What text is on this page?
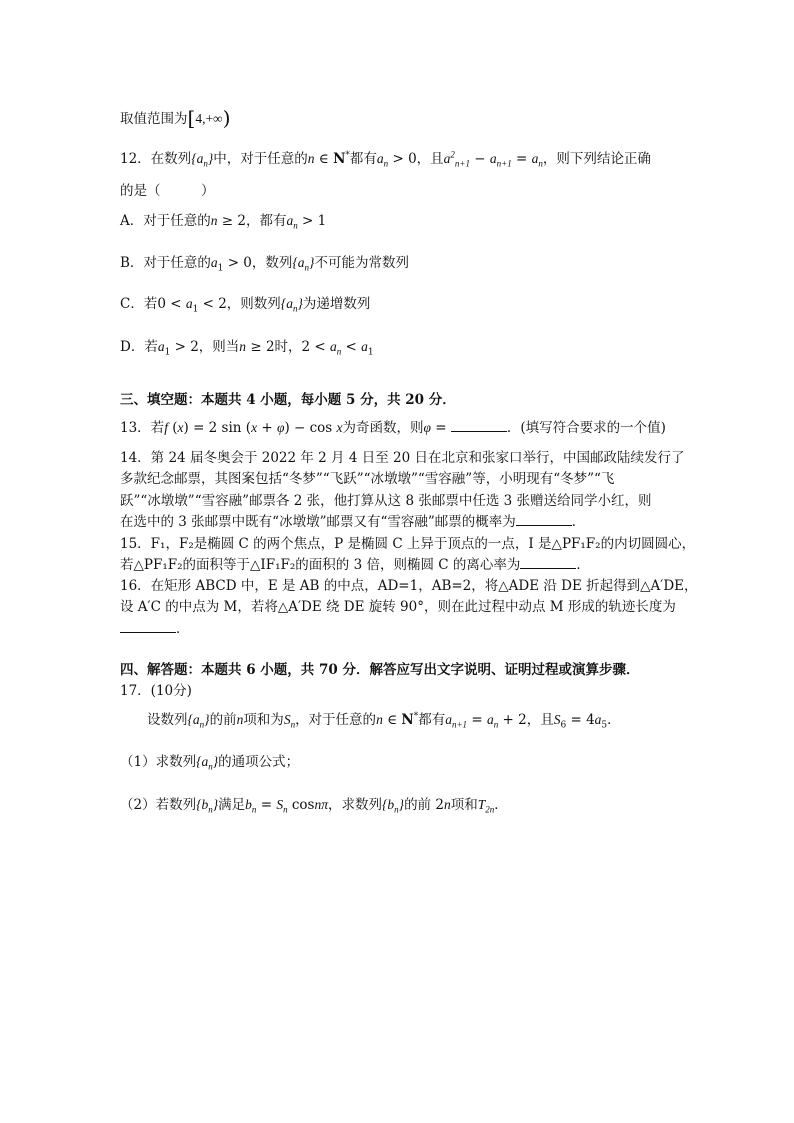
取值范围为[4,+∞)
12．在数列$\{a_n\}$中，对于任意的n ∈ N*都有$a_n > 0$，且$a^2_{n+1} - a_{n+1} = a_n$，则下列结论正确
的是（　　　）
A．对于任意的n ≥ 2，都有$a_n > 1$
B．对于任意的$a_1 > 0$，数列$\{a_n\}$不可能为常数列
C．若$0 < a_1 < 2$，则数列$\{a_n\}$为递增数列
D．若$a_1 > 2$，则当n ≥ 2时，$2 < a_n < a_1$
三、填空题：本题共 4 小题，每小题 5 分，共 20 分．
13．若f (x) = 2 sin (x + φ) − cos x为奇函数，则φ =	．(填写符合要求的一个值)
14．第 24 届冬奥会于 2022 年 2 月 4 日至 20 日在北京和张家口举行，中国邮政陆续发行了
多款纪念邮票，其图案包括“冬梦”“飞跃”“冰墩墩”“雪容融”等，小明现有“冬梦”“飞
跃”“冰墩墩”“雪容融”邮票各 2 张，他打算从这 8 张邮票中任选 3 张赠送给同学小红，则
在选中的 3 张邮票中既有“冰墩墩”邮票又有“雪容融”邮票的概率为	．
15．F₁，F₂是椭圆 C 的两个焦点，P 是椭圆 C 上异于顶点的一点，I 是△PF₁F₂的内切圆圆心，
若△PF₁F₂的面积等于△IF₁F₂的面积的 3 倍，则椭圆 C 的离心率为	．
16．在矩形 ABCD 中，E 是 AB 的中点，AD=1，AB=2，将△ADE 沿 DE 折起得到△A′DE，
设 A′C 的中点为 M，若将△A′DE 绕 DE 旋转 90°，则在此过程中动点 M 形成的轨迹长度为
．
四、解答题：本题共 6 小题，共 70 分．解答应写出文字说明、证明过程或演算步骤．
17．(10分)
设数列$\{a_n\}$的前n项和为$S_n$，对于任意的n ∈ N*都有$a_{n+1} = a_n + 2$，且$S_6 = 4a_5$．
（1）求数列$\{a_n\}$的通项公式；
（2）若数列$\{b_n\}$满足$b_n = S_n$ cosnπ，求数列$\{b_n\}$的前 2n项和$T_{2n}$．
